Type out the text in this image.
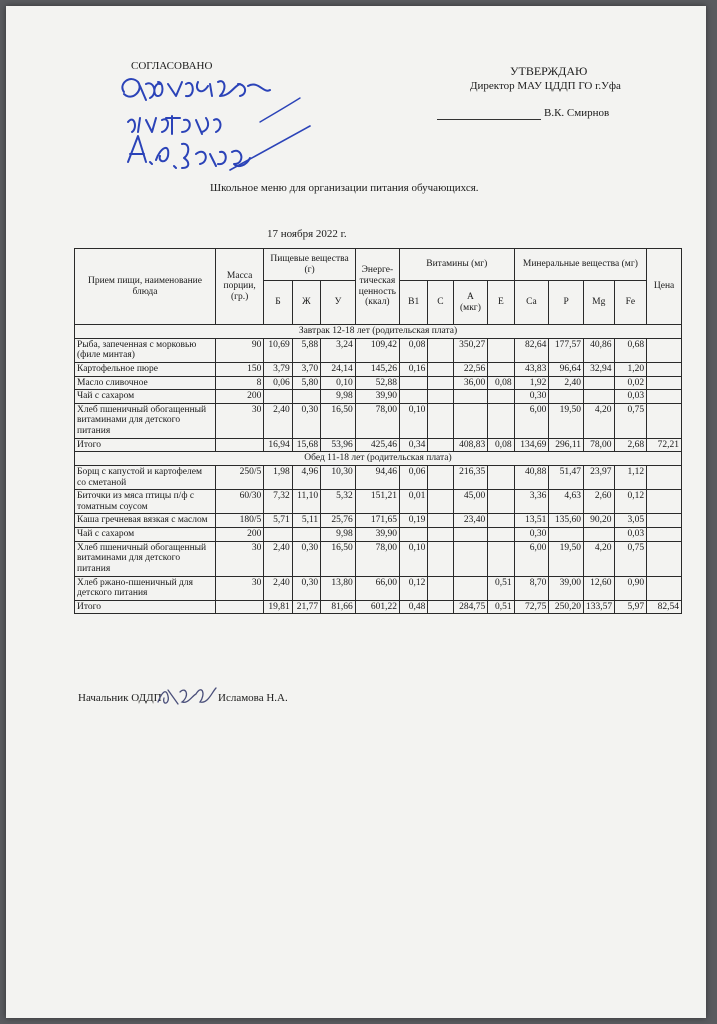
СОГЛАСОВАНО	УТВЕРЖДАЮ
Директор МАУ ЦДДП ГО г.Уфа
В.К. Смирнов
Школьное меню для организации питания обучающихся.
17 ноября 2022 г.
Прием пищи, наименование блюда	Масса порции, (гр.)	Пищевые вещества (г)			Энерге-тическая ценность (ккал)	Витамины (мг)				Минеральные вещества (мг)				Цена
		Б	Ж	У		В1	С	А (мкг)	Е	Са	Р	Mg	Fe	
Завтрак 12-18 лет (родительская плата)														
Рыба, запеченная с морковью (филе минтая)	90	10,69	5,88	3,24	109,42	0,08		350,27		82,64	177,57	40,86	0,68	
Картофельное пюре	150	3,79	3,70	24,14	145,26	0,16		22,56		43,83	96,64	32,94	1,20	
Масло сливочное	8	0,06	5,80	0,10	52,88			36,00	0,08	1,92	2,40		0,02	
Чай с сахаром	200			9,98	39,90					0,30			0,03	
Хлеб пшеничный обогащенный витаминами для детского питания	30	2,40	0,30	16,50	78,00	0,10				6,00	19,50	4,20	0,75	
Итого		16,94	15,68	53,96	425,46	0,34		408,83	0,08	134,69	296,11	78,00	2,68	72,21
Обед 11-18 лет (родительская плата)														
Борщ с капустой и картофелем со сметаной	250/5	1,98	4,96	10,30	94,46	0,06		216,35		40,88	51,47	23,97	1,12	
Биточки из мяса птицы п/ф с томатным соусом	60/30	7,32	11,10	5,32	151,21	0,01		45,00		3,36	4,63	2,60	0,12	
Каша гречневая вязкая с маслом	180/5	5,71	5,11	25,76	171,65	0,19		23,40		13,51	135,60	90,20	3,05	
Чай с сахаром	200			9,98	39,90					0,30			0,03	
Хлеб пшеничный обогащенный витаминами для детского питания	30	2,40	0,30	16,50	78,00	0,10				6,00	19,50	4,20	0,75	
Хлеб ржано-пшеничный для детского питания	30	2,40	0,30	13,80	66,00	0,12			0,51	8,70	39,00	12,60	0,90	
Итого		19,81	21,77	81,66	601,22	0,48		284,75	0,51	72,75	250,20	133,57	5,97	82,54
Начальник ОДДП	Исламова Н.А.
